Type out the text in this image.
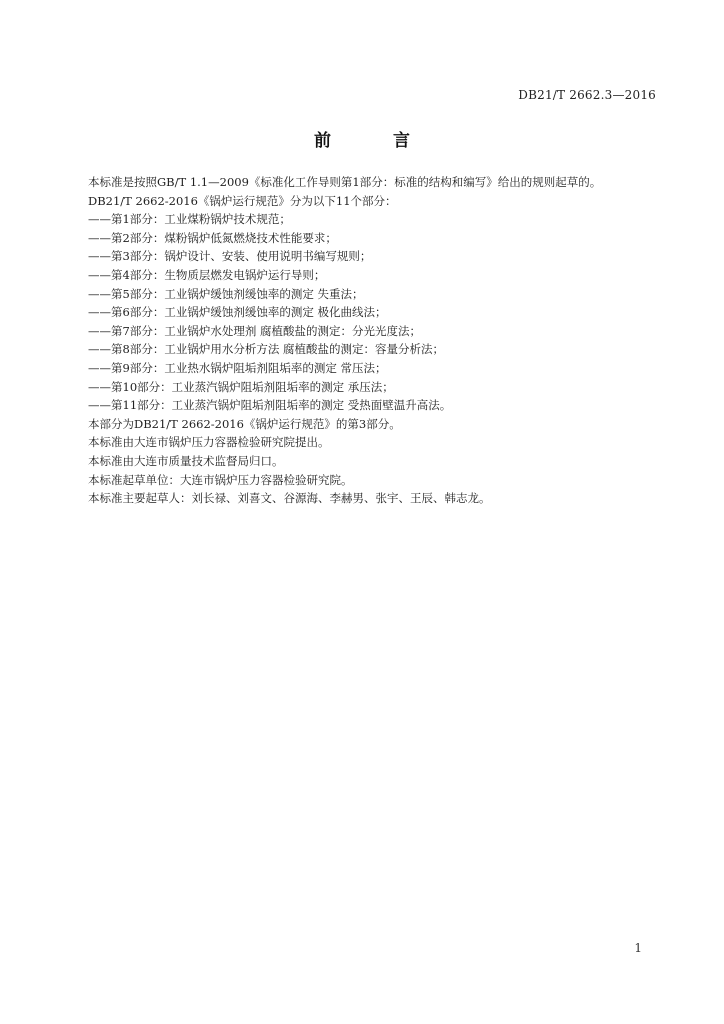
DB21/T 2662.3—2016
前 言
本标准是按照GB/T 1.1—2009《标准化工作导则第1部分：标准的结构和编写》给出的规则起草的。
DB21/T 2662-2016《锅炉运行规范》分为以下11个部分：
——第1部分：工业煤粉锅炉技术规范；
——第2部分：煤粉锅炉低氮燃烧技术性能要求；
——第3部分：锅炉设计、安装、使用说明书编写规则；
——第4部分：生物质层燃发电锅炉运行导则；
——第5部分：工业锅炉缓蚀剂缓蚀率的测定 失重法；
——第6部分：工业锅炉缓蚀剂缓蚀率的测定 极化曲线法；
——第7部分：工业锅炉水处理剂 腐植酸盐的测定：分光光度法；
——第8部分：工业锅炉用水分析方法 腐植酸盐的测定：容量分析法；
——第9部分：工业热水锅炉阻垢剂阻垢率的测定 常压法；
——第10部分：工业蒸汽锅炉阻垢剂阻垢率的测定 承压法；
——第11部分：工业蒸汽锅炉阻垢剂阻垢率的测定 受热面壁温升高法。
本部分为DB21/T 2662-2016《锅炉运行规范》的第3部分。
本标准由大连市锅炉压力容器检验研究院提出。
本标准由大连市质量技术监督局归口。
本标准起草单位：大连市锅炉压力容器检验研究院。
本标准主要起草人：刘长禄、刘喜文、谷源海、李赫男、张宇、王辰、韩志龙。
1
